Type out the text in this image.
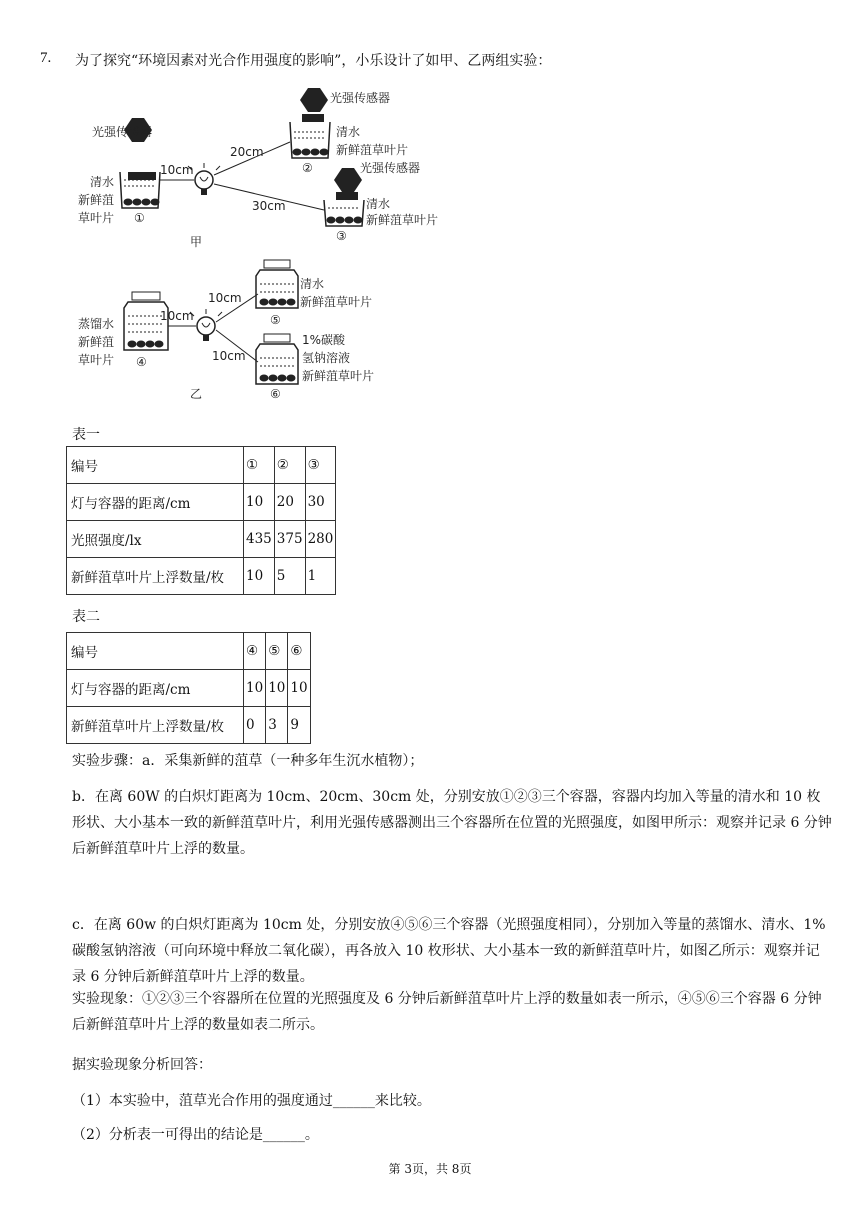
7. 为了探究“环境因素对光合作用强度的影响”，小乐设计了如甲、乙两组实验：
光强传感器
清水
新鲜菹
草叶片 ①
10cm
20cm
30cm
光强传感器
清水
新鲜菹草叶片
②	光强传感器
清水
新鲜菹草叶片
③
甲
蒸馏水
新鲜菹
草叶片 ④
10cm
10cm
10cm
清水
新鲜菹草叶片
⑤
1%碳酸
氢钠溶液
新鲜菹草叶片
⑥
乙
表一
编号	①	②	③
灯与容器的距离/cm	10	20	30
光照强度/lx	435	375	280
新鲜菹草叶片上浮数量/枚	10	5	1
表二
编号	④	⑤	⑥
灯与容器的距离/cm	10	10	10
新鲜菹草叶片上浮数量/枚	0	3	9
实验步骤：a．采集新鲜的菹草（一种多年生沉水植物）；
b．在离 60W 的白炽灯距离为 10cm、20cm、30cm 处，分别安放①②③三个容器，容器内均加入等量的清水和 10 枚形状、大小基本一致的新鲜菹草叶片，利用光强传感器测出三个容器所在位置的光照强度，如图甲所示：观察并记录 6 分钟后新鲜菹草叶片上浮的数量。
c．在离 60w 的白炽灯距离为 10cm 处，分别安放④⑤⑥三个容器（光照强度相同），分别加入等量的蒸馏水、清水、1%碳酸氢钠溶液（可向环境中释放二氧化碳），再各放入 10 枚形状、大小基本一致的新鲜菹草叶片，如图乙所示：观察并记录 6 分钟后新鲜菹草叶片上浮的数量。
实验现象：①②③三个容器所在位置的光照强度及 6 分钟后新鲜菹草叶片上浮的数量如表一所示，④⑤⑥三个容器 6 分钟后新鲜菹草叶片上浮的数量如表二所示。
据实验现象分析回答：
（1）本实验中，菹草光合作用的强度通过______来比较。
（2）分析表一可得出的结论是______。
第 3页，共 8页
